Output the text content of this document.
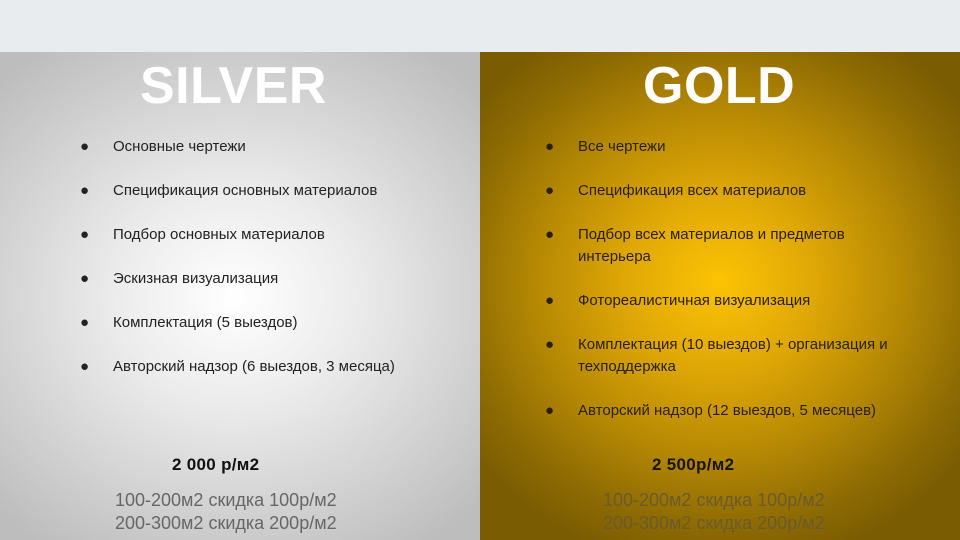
SILVER
●	Основные чертежи
●	Спецификация основных материалов
●	Подбор основных материалов
●	Эскизная визуализация
●	Комплектация (5 выездов)
●	Авторский надзор (6 выездов, 3 месяца)

2 000 р/м2

100-200м2 скидка 100р/м2

200-300м2 скидка 200р/м2

GOLD
●	Все чертежи
●	Спецификация всех материалов
●	Подбор всех материалов и предметов интерьера
●	Фотореалистичная визуализация
●	Комплектация (10 выездов) + организация и техподдержка
●	Авторский надзор (12 выездов, 5 месяцев)

2 500р/м2

100-200м2 скидка 100р/м2

200-300м2 скидка 200р/м2
